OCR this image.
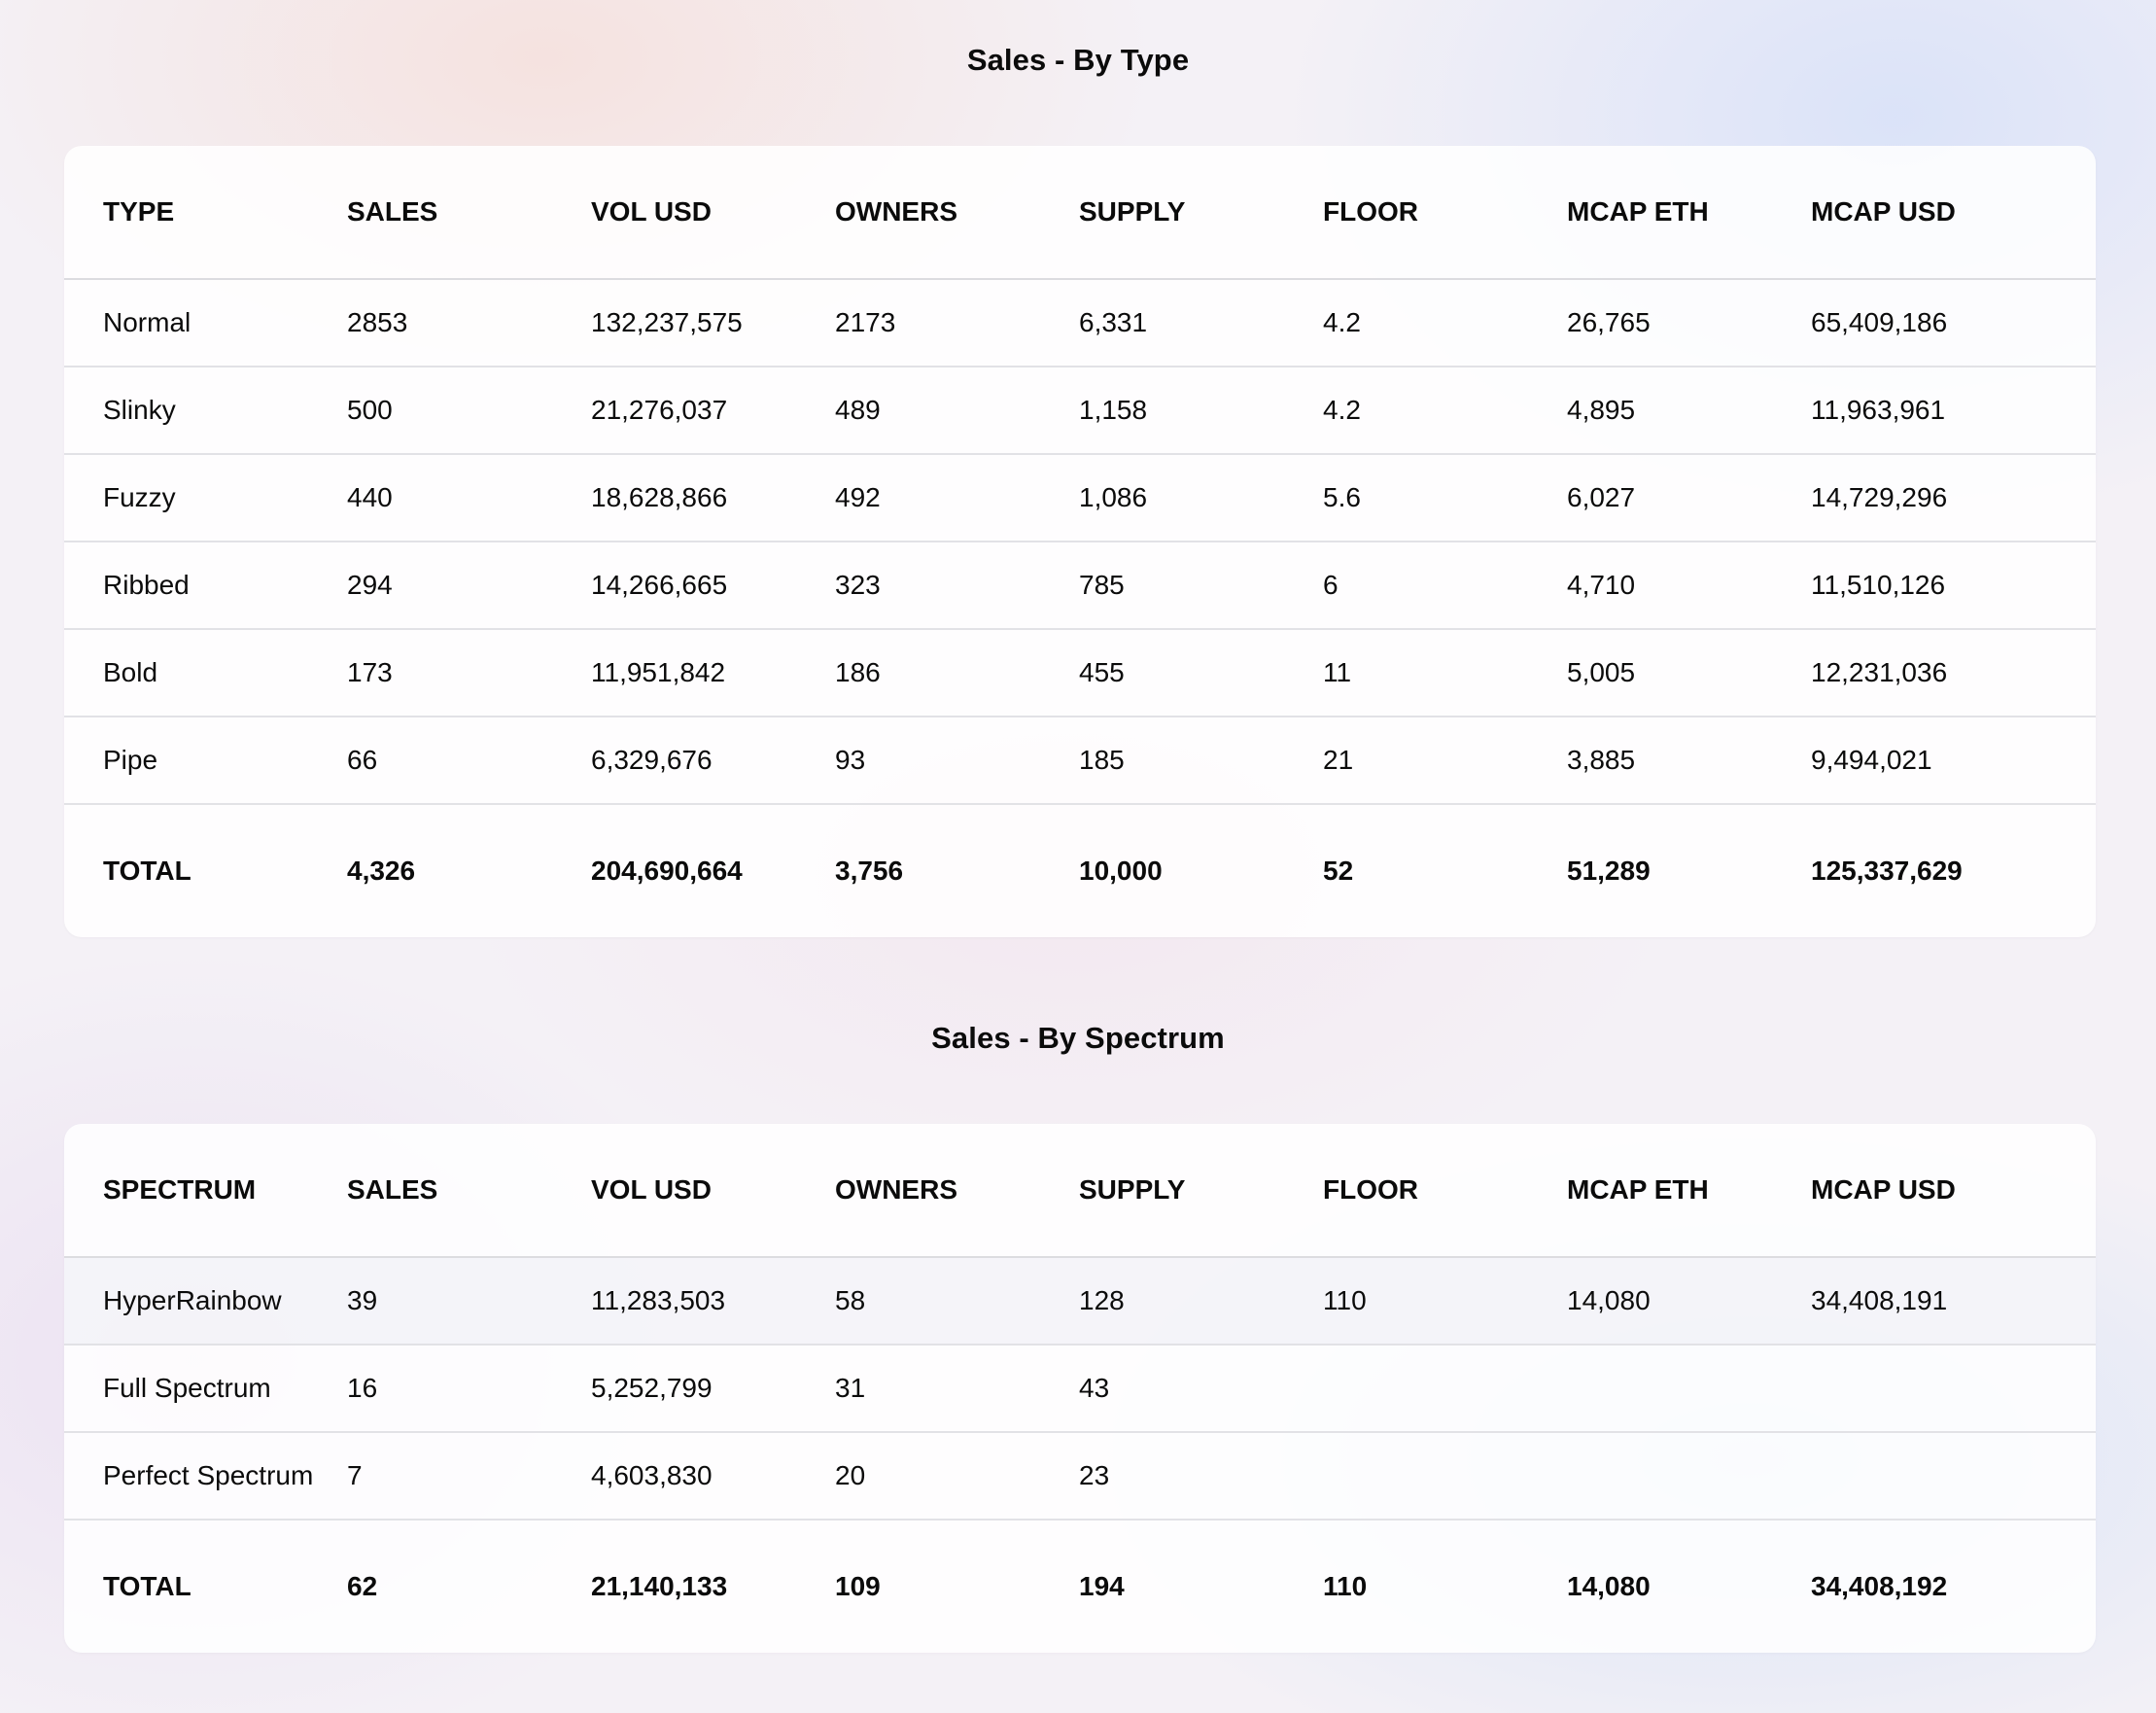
Sales - By Type
TYPE	SALES	VOL USD	OWNERS	SUPPLY	FLOOR	MCAP ETH	MCAP USD
Normal	2853	132,237,575	2173	6,331	4.2	26,765	65,409,186
Slinky	500	21,276,037	489	1,158	4.2	4,895	11,963,961
Fuzzy	440	18,628,866	492	1,086	5.6	6,027	14,729,296
Ribbed	294	14,266,665	323	785	6	4,710	11,510,126
Bold	173	11,951,842	186	455	11	5,005	12,231,036
Pipe	66	6,329,676	93	185	21	3,885	9,494,021
TOTAL	4,326	204,690,664	3,756	10,000	52	51,289	125,337,629
Sales - By Spectrum
SPECTRUM	SALES	VOL USD	OWNERS	SUPPLY	FLOOR	MCAP ETH	MCAP USD
HyperRainbow	39	11,283,503	58	128	110	14,080	34,408,191
Full Spectrum	16	5,252,799	31	43			
Perfect Spectrum	7	4,603,830	20	23			
TOTAL	62	21,140,133	109	194	110	14,080	34,408,192
